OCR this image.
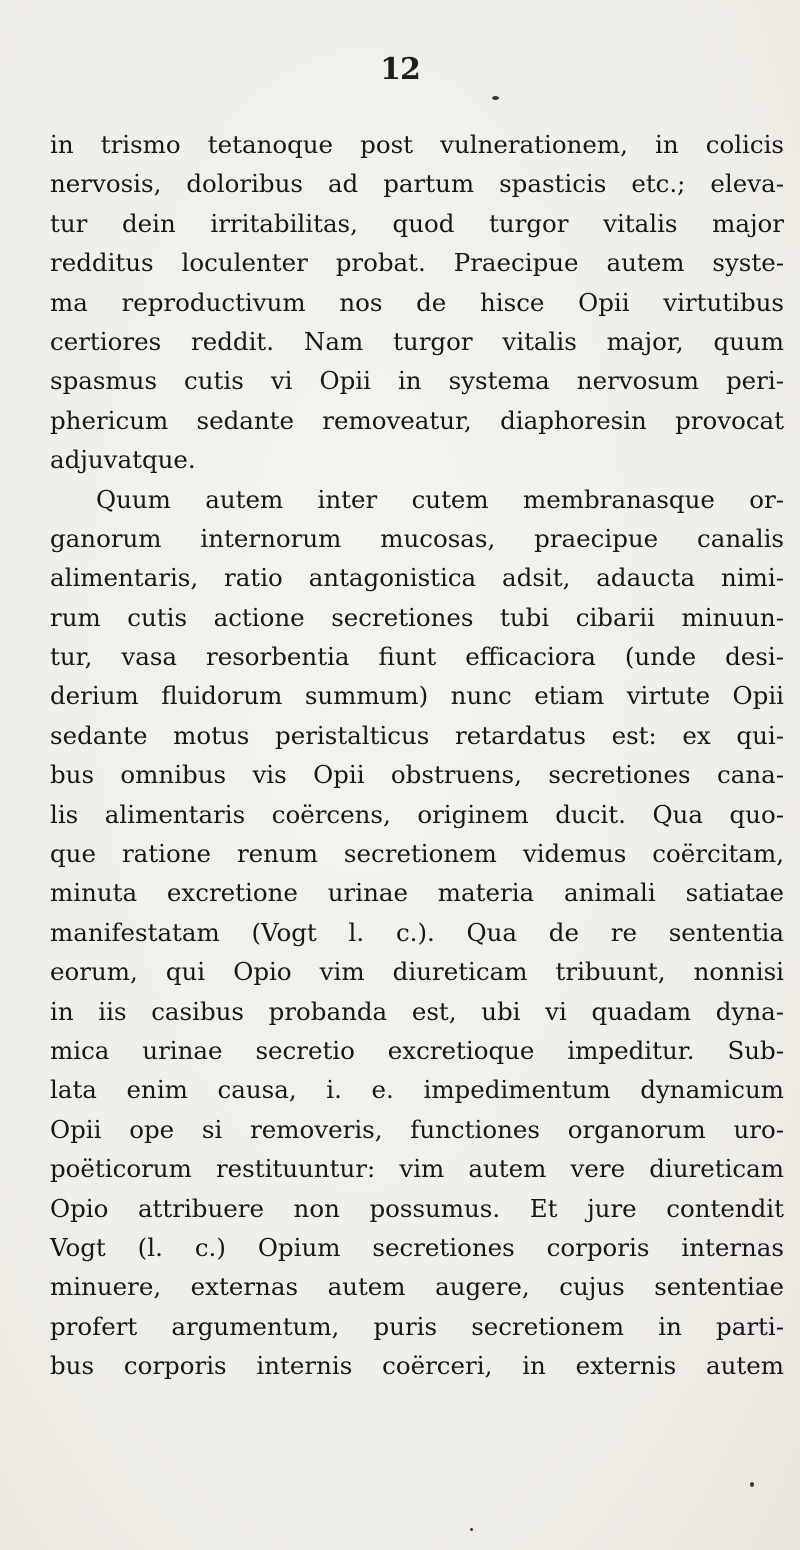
12
in trismo tetanoque post vulnerationem, in colicis
nervosis, doloribus ad partum spasticis etc.; eleva-
tur dein irritabilitas, quod turgor vitalis major
redditus loculenter probat. Praecipue autem syste-
ma reproductivum nos de hisce Opii virtutibus
certiores reddit. Nam turgor vitalis major, quum
spasmus cutis vi Opii in systema nervosum peri-
phericum sedante removeatur, diaphoresin provocat
adjuvatque.
Quum autem inter cutem membranasque or-
ganorum internorum mucosas, praecipue canalis
alimentaris, ratio antagonistica adsit, adaucta nimi-
rum cutis actione secretiones tubi cibarii minuun-
tur, vasa resorbentia fiunt efficaciora (unde desi-
derium fluidorum summum) nunc etiam virtute Opii
sedante motus peristalticus retardatus est: ex qui-
bus omnibus vis Opii obstruens, secretiones cana-
lis alimentaris coërcens, originem ducit. Qua quo-
que ratione renum secretionem videmus coërcitam,
minuta excretione urinae materia animali satiatae
manifestatam (Vogt l. c.). Qua de re sententia
eorum, qui Opio vim diureticam tribuunt, nonnisi
in iis casibus probanda est, ubi vi quadam dyna-
mica urinae secretio excretioque impeditur. Sub-
lata enim causa, i. e. impedimentum dynamicum
Opii ope si removeris, functiones organorum uro-
poëticorum restituuntur: vim autem vere diureticam
Opio attribuere non possumus. Et jure contendit
Vogt (l. c.) Opium secretiones corporis internas
minuere, externas autem augere, cujus sententiae
profert argumentum, puris secretionem in parti-
bus corporis internis coërceri, in externis autem
